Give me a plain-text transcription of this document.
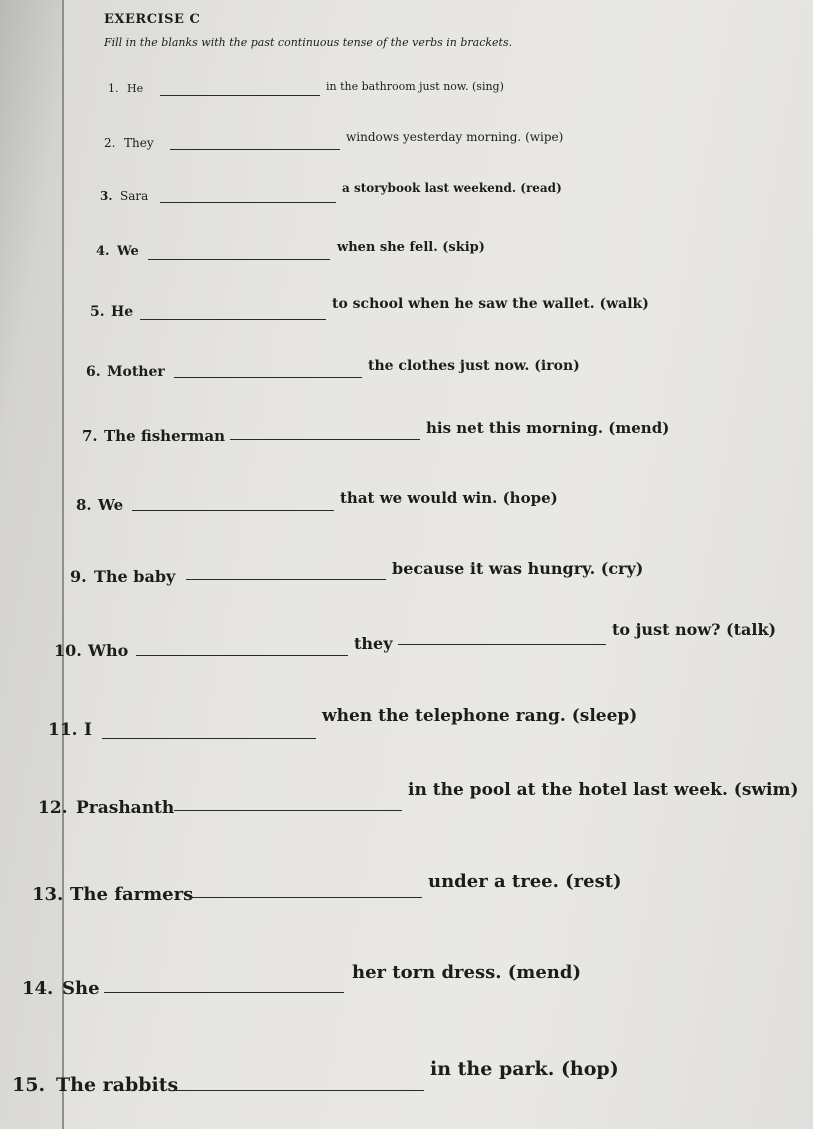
EXERCISE C
Fill in the blanks with the past continuous tense of the verbs in brackets.
1. He	in the bathroom just now. (sing)
2. They	windows yesterday morning. (wipe)
3. Sara
a storybook last weekend. (read)
4. We	when she fell. (skip)
5. He	to school when he saw the wallet. (walk)
6. Mother	the clothes just now. (iron)
7. The fisherman	his net this morning. (mend)
8. We	that we would win. (hope)
9. The baby	because it was hungry. (cry)
10. Who	they
to just now? (talk)
11. I
when the telephone rang. (sleep)
12. Prashanth
in the pool at the hotel last week. (swim)
13. The farmers
under a tree. (rest)
14. She
her torn dress. (mend)
15. The rabbits
in the park. (hop)
